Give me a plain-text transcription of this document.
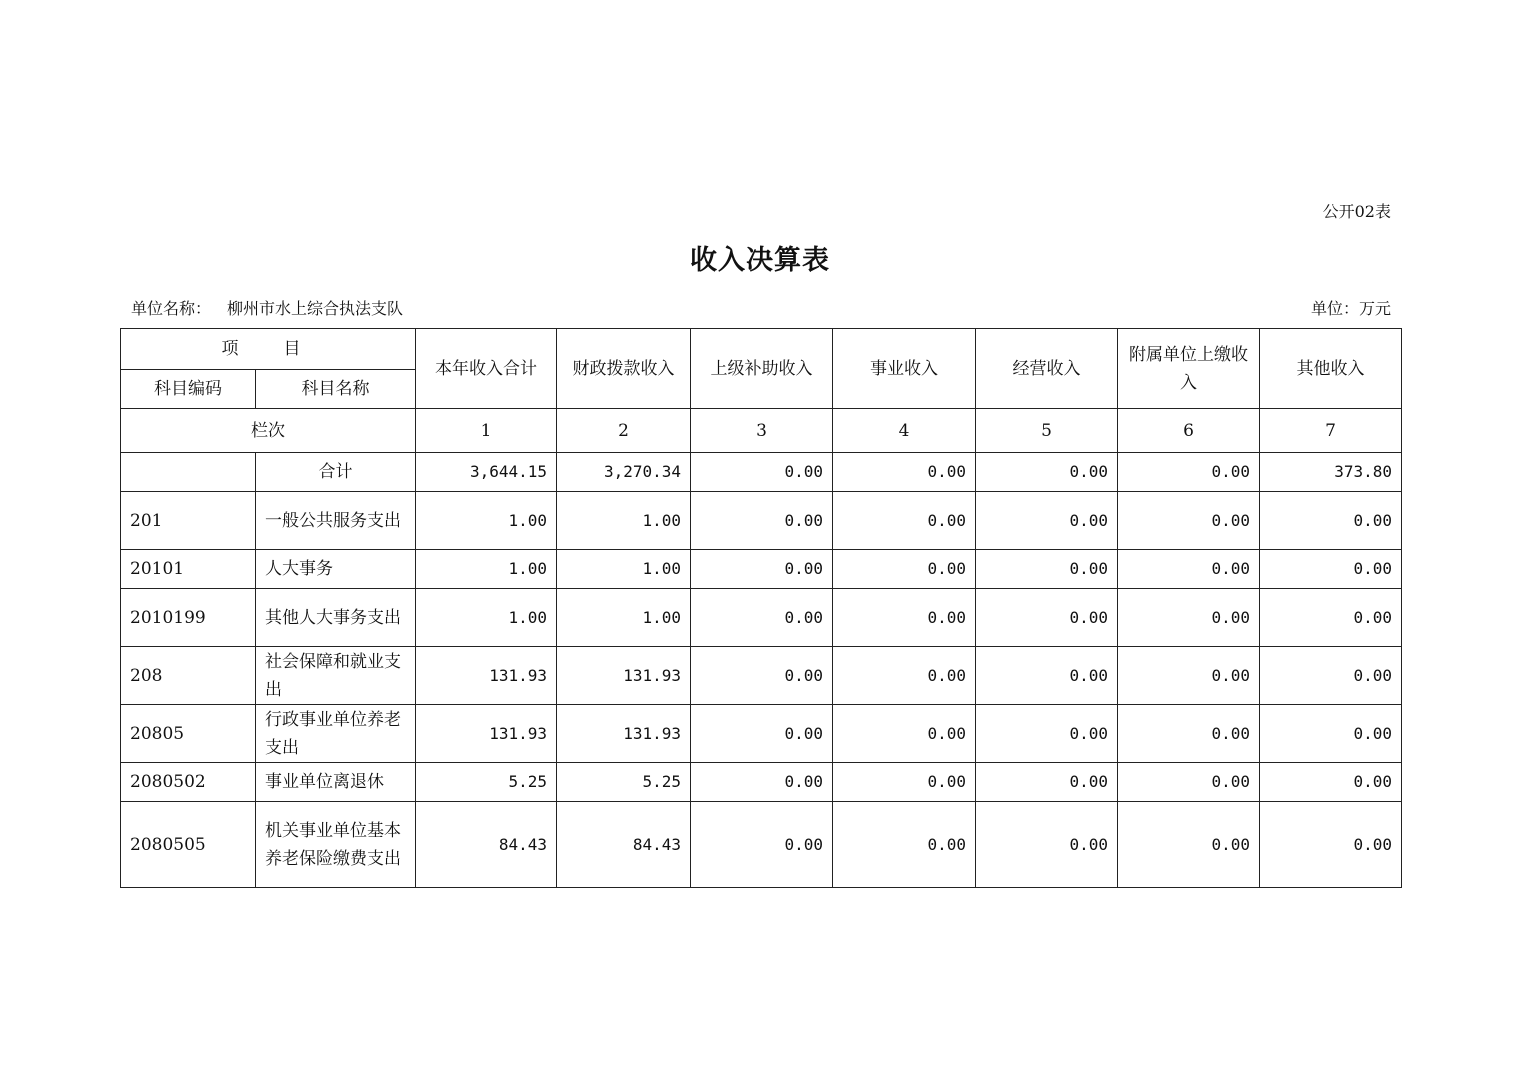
公开02表
收入决算表
单位名称： 柳州市水上综合执法支队	单位：万元
项　目		本年收入合计	财政拨款收入	上级补助收入	事业收入	经营收入	附属单位上缴收入	其他收入
科目编码	科目名称							
栏次		1	2	3	4	5	6	7
	合计	3,644.15	3,270.34	0.00	0.00	0.00	0.00	373.80
201	一般公共服务支出	1.00	1.00	0.00	0.00	0.00	0.00	0.00
20101	人大事务	1.00	1.00	0.00	0.00	0.00	0.00	0.00
2010199	其他人大事务支出	1.00	1.00	0.00	0.00	0.00	0.00	0.00
208	社会保障和就业支出	131.93	131.93	0.00	0.00	0.00	0.00	0.00
20805	行政事业单位养老支出	131.93	131.93	0.00	0.00	0.00	0.00	0.00
2080502	事业单位离退休	5.25	5.25	0.00	0.00	0.00	0.00	0.00
2080505	机关事业单位基本养老保险缴费支出	84.43	84.43	0.00	0.00	0.00	0.00	0.00
